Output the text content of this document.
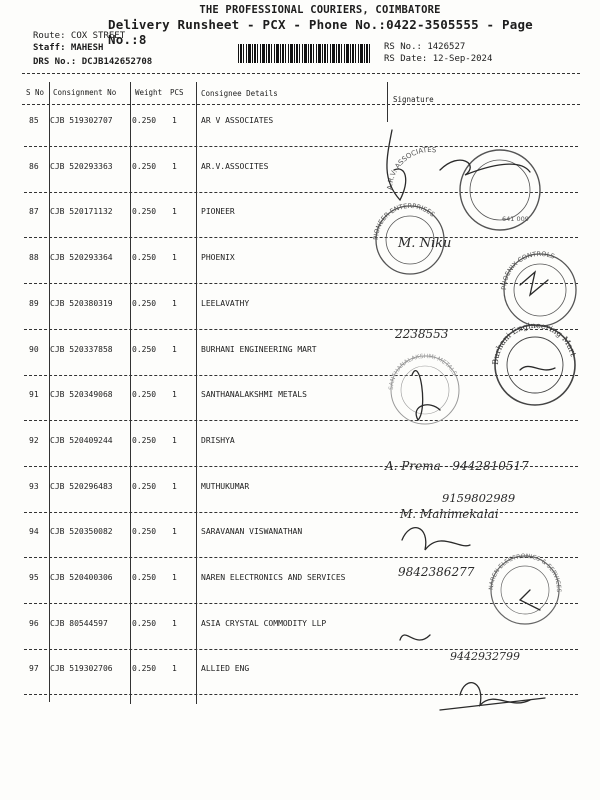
THE PROFESSIONAL COURIERS, COIMBATORE
Delivery Runsheet - PCX - Phone No.:0422-3505555 - Page No.:8
Route: COX STREET
Staff: MAHESH
DRS No.: DCJB142652708
RS No.: 1426527
RS Date: 12-Sep-2024
S No Consignment No	Weight PCS Consignee Details
Signature
85 CJB 519302707 0.250 1	AR V ASSOCIATES
86 CJB 520293363 0.250 1	AR.V.ASSOCITES
87 CJB 520171132 0.250 1	PIONEER
88 CJB 520293364 0.250 1	PHOENIX
89 CJB 520380319 0.250 1	LEELAVATHY
90 CJB 520337858 0.250 1	BURHANI ENGINEERING MART
91 CJB 520349068 0.250 1	SANTHANALAKSHMI METALS
92 CJB 520409244 0.250 1	DRISHYA
93 CJB 520296483 0.250 1	MUTHUKUMAR
94 CJB 520350082 0.250 1	SARAVANAN VISWANATHAN
95 CJB 520400306 0.250 1	NAREN ELECTRONICS AND SERVICES
96 CJB 80544597	0.250 1	ASIA CRYSTAL COMMODITY LLP
97 CJB 519302706 0.250 1	ALLIED ENG
A.R.V. ASSOCIATES
PIONEER ENTERPRISES
641 009
PHOENIX CONTROLS
Burhani Engineering Mart
SANTHANALAKSHMI METALS
NAREN ELECTRONICS & SERVICES
M. Niku
2238553
A. Prema - 9442810517
9159802989
M. Mahimekalai
9842386277
9442932799
